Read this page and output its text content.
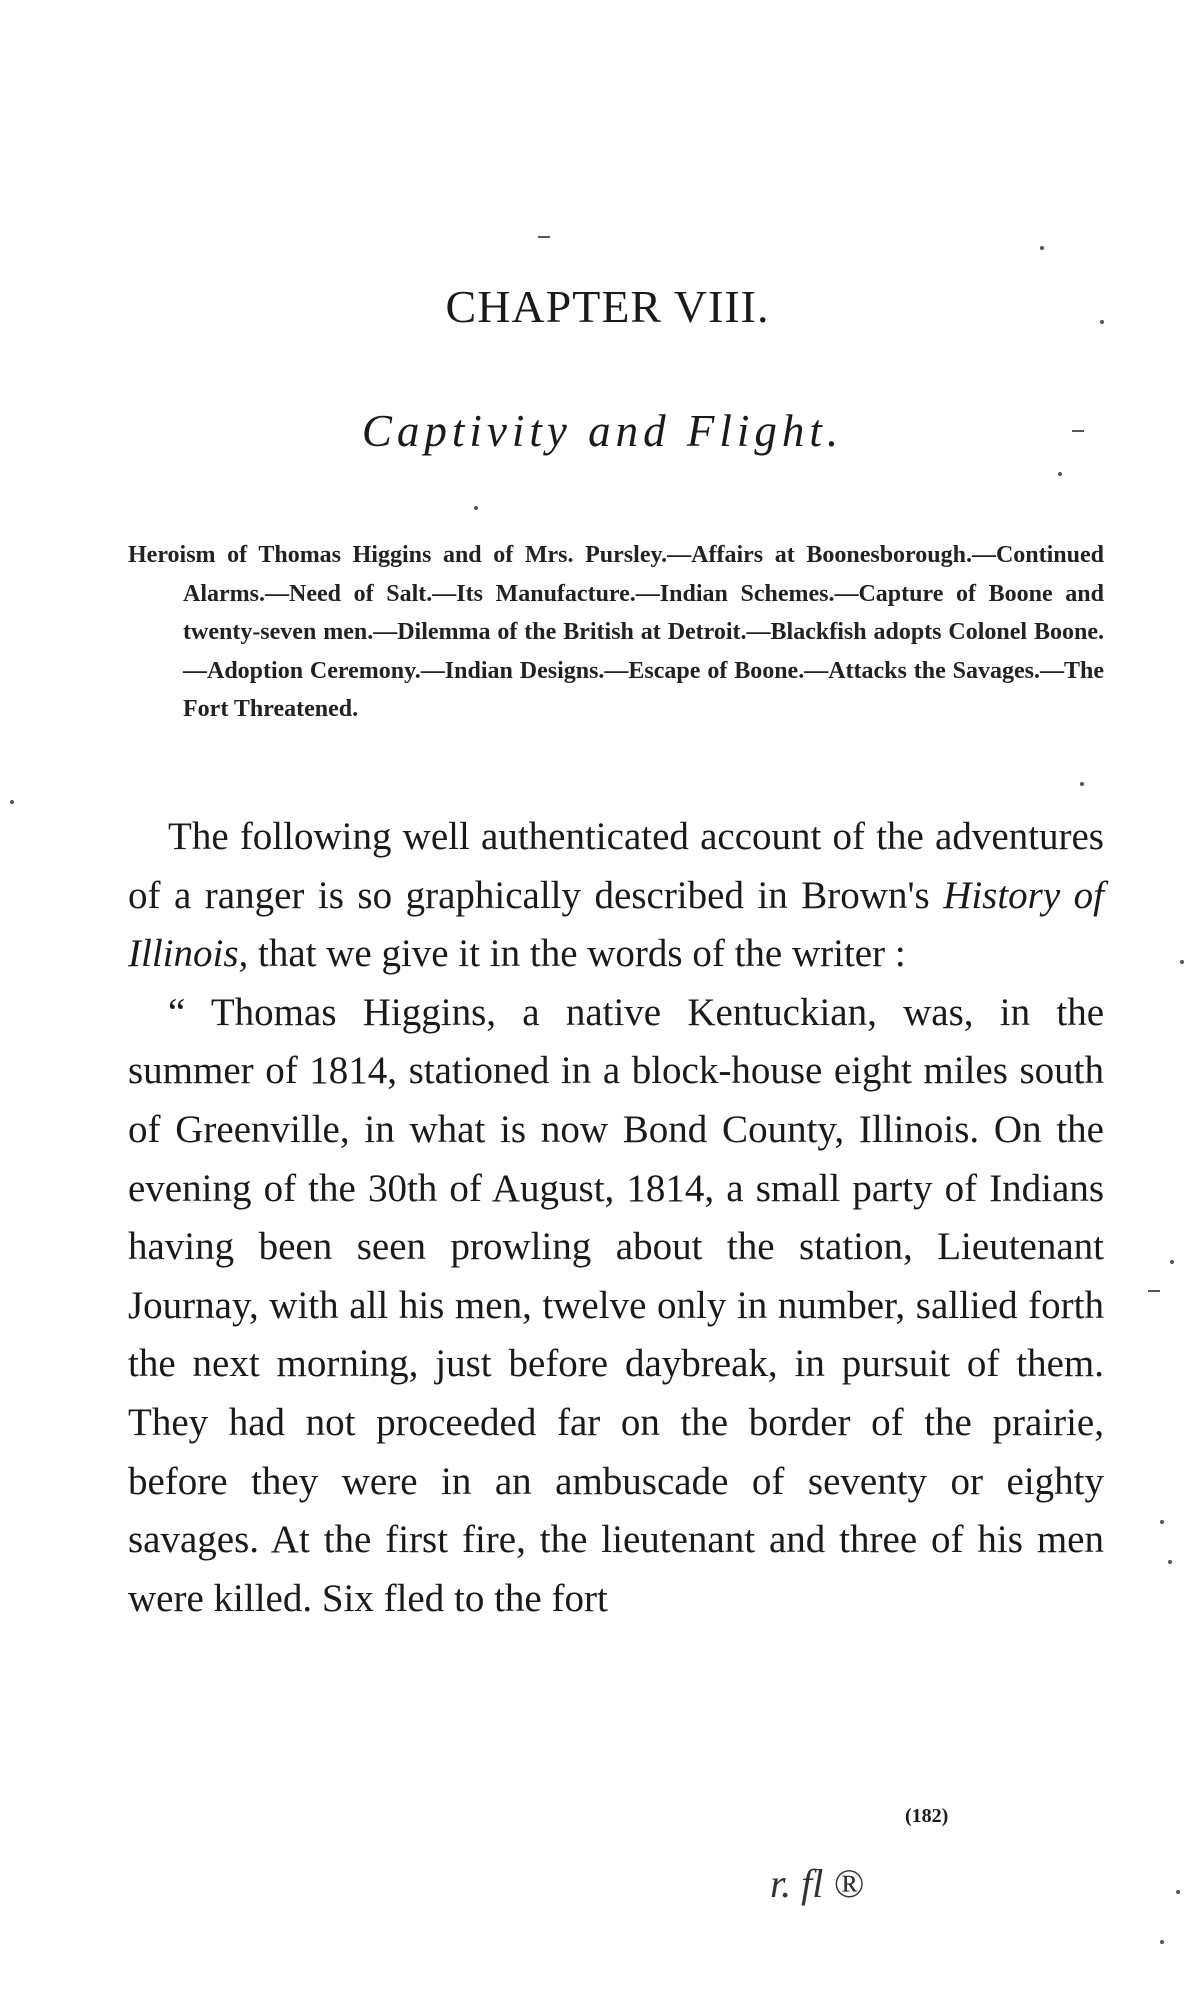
CHAPTER VIII.
Captivity and Flight.
Heroism of Thomas Higgins and of Mrs. Pursley.—Affairs at Boonesborough.—Continued Alarms.—Need of Salt.—Its Manufacture.—Indian Schemes.—Capture of Boone and twenty-seven men.—Dilemma of the British at Detroit.—Blackfish adopts Colonel Boone.—Adoption Ceremony.—Indian Designs.—Escape of Boone.—Attacks the Savages.—The Fort Threatened.

The following well authenticated account of the adventures of a ranger is so graphically described in Brown's History of Illinois, that we give it in the words of the writer :

“ Thomas Higgins, a native Kentuckian, was, in the summer of 1814, stationed in a block-house eight miles south of Greenville, in what is now Bond County, Illinois. On the evening of the 30th of August, 1814, a small party of Indians having been seen prowling about the station, Lieutenant Journay, with all his men, twelve only in number, sallied forth the next morning, just before daybreak, in pursuit of them. They had not proceeded far on the border of the prairie, before they were in an ambuscade of seventy or eighty savages. At the first fire, the lieutenant and three of his men were killed. Six fled to the fort

(182)
r. fl ®
